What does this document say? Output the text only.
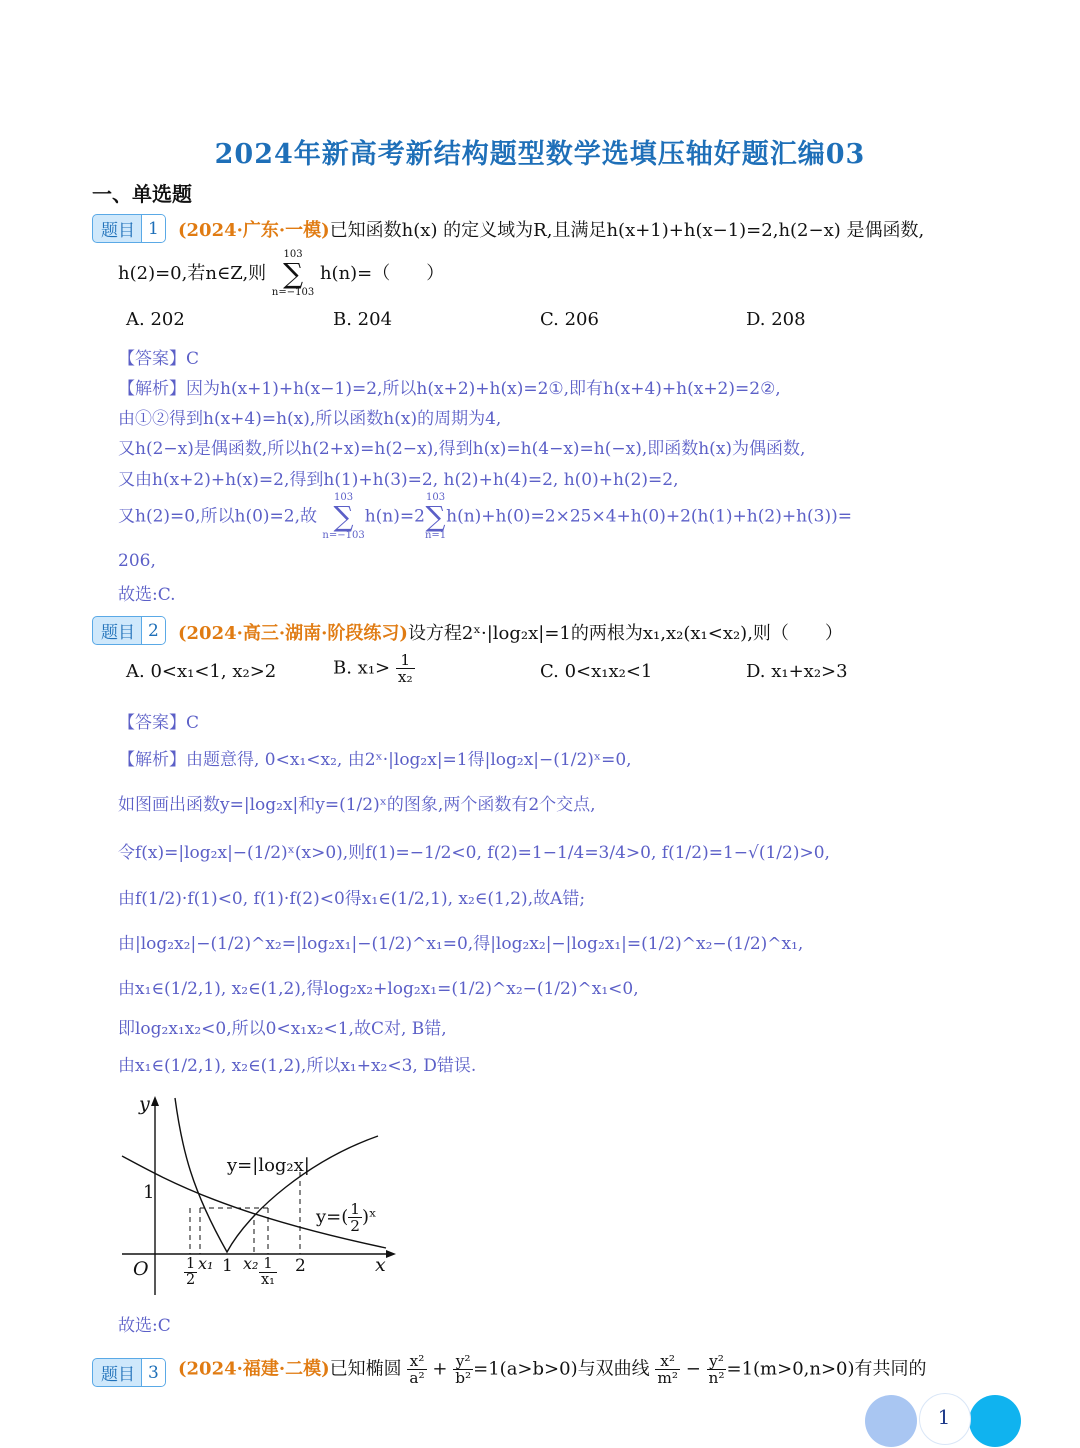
2024年新高考新结构题型数学选填压轴好题汇编03
一、单选题
题目 1	(2024·广东·一模)已知函数h(x) 的定义域为R,且满足h(x+1)+h(x−1)=2,h(2−x) 是偶函数,
h(2)=0,若n∈Z,则
103
∑
n=−103
h(n)=（　　）
A. 202	B. 204	C. 206	D. 208
【答案】C
【解析】因为h(x+1)+h(x−1)=2,所以h(x+2)+h(x)=2①,即有h(x+4)+h(x+2)=2②,
由①②得到h(x+4)=h(x),所以函数h(x)的周期为4,
又h(2−x)是偶函数,所以h(2+x)=h(2−x),得到h(x)=h(4−x)=h(−x),即函数h(x)为偶函数,
又由h(x+2)+h(x)=2,得到h(1)+h(3)=2, h(2)+h(4)=2, h(0)+h(2)=2,
又h(2)=0,所以h(0)=2,故
103
∑
n=−103
h(n)=2
103
∑
n=1
h(n)+h(0)=2×25×4+h(0)+2(h(1)+h(2)+h(3))=
206,
故选:C.
题目 2	(2024·高三·湖南·阶段练习)设方程2ˣ·|log₂x|=1的两根为x₁,x₂(x₁<x₂),则（　　）
A. 0<x₁<1, x₂>2	B. $x_1> \frac{1}{\text{x₂}}$	C. 0<x₁x₂<1	D. x₁+x₂>3
【答案】C
【解析】由题意得, 0<x₁<x₂, 由2ˣ·|log₂x|=1得|log₂x|−(1/2)ˣ=0,
如图画出函数y=|log₂x|和y=(1/2)ˣ的图象,两个函数有2个交点,
令f(x)=|log₂x|−(1/2)ˣ(x>0),则f(1)=−1/2<0, f(2)=1−1/4=3/4>0, f(1/2)=1−√(1/2)>0,
由f(1/2)·f(1)<0, f(1)·f(2)<0得x₁∈(1/2,1), x₂∈(1,2),故A错;
由|log₂x₂|−(1/2)^x₂=|log₂x₁|−(1/2)^x₁=0,得|log₂x₂|−|log₂x₁|=(1/2)^x₂−(1/2)^x₁,
由x₁∈(1/2,1), x₂∈(1,2),得log₂x₂+log₂x₁=(1/2)^x₂−(1/2)^x₁<0,
即log₂x₁x₂<0,所以0<x₁x₂<1,故C对, B错,
由x₁∈(1/2,1), x₂∈(1,2),所以x₁+x₂<3, D错误.
y
x
O
1
y=|log₂x|
$y=( \frac{1}{2}$ )ˣ
$\frac{1}{2} x_1$ 1 $x_2 \frac{1}{\text{x₁}} 2$
故选:C
题目 3	(2024·福建·二模)已知椭圆 $\frac{\text{x²}}{\text{a²}} + \frac{\text{y²}}{\text{b²}} =1(a>b>0)$与双曲线 $\frac{\text{x²}}{\text{m²}} - \frac{\text{y²}}{\text{n²}} =1(m>0,n>0)$有共同的
1
